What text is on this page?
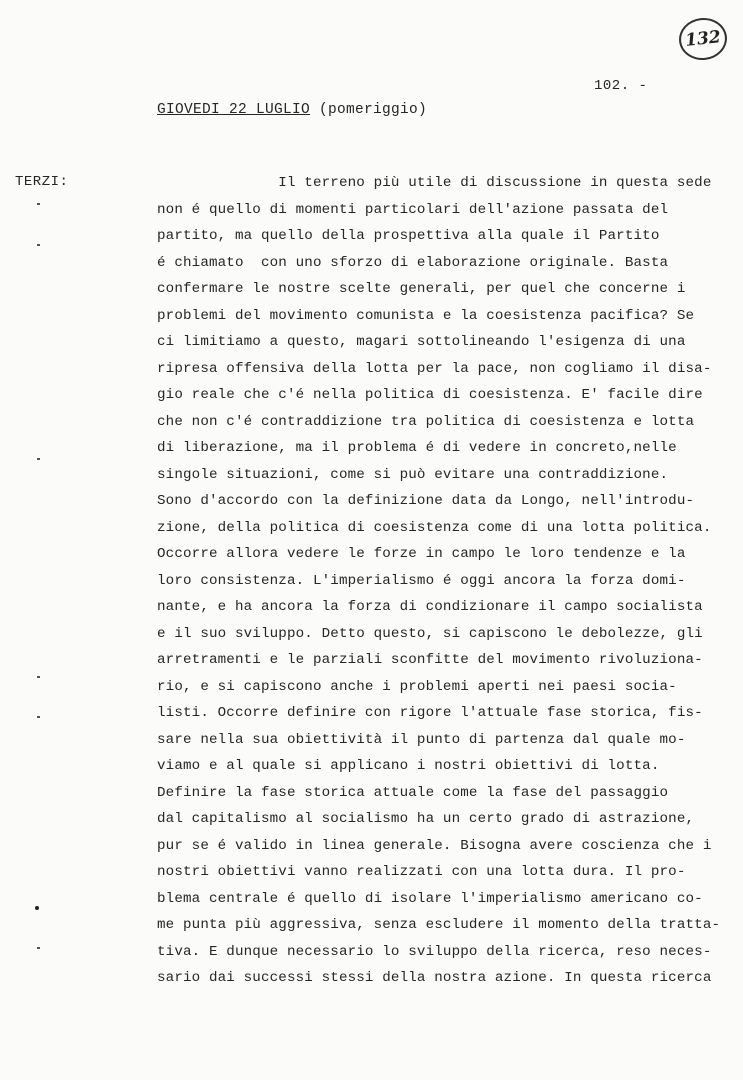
132
102. -
GIOVEDI 22 LUGLIO (pomeriggio)
TERZI:	Il terreno più utile di discussione in questa sede
non é quello di momenti particolari dell'azione passata del
partito, ma quello della prospettiva alla quale il Partito
é chiamato  con uno sforzo di elaborazione originale. Basta
confermare le nostre scelte generali, per quel che concerne i
problemi del movimento comunista e la coesistenza pacifica? Se
ci limitiamo a questo, magari sottolineando l'esigenza di una
ripresa offensiva della lotta per la pace, non cogliamo il disa-
gio reale che c'é nella politica di coesistenza. E' facile dire
che non c'é contraddizione tra politica di coesistenza e lotta
di liberazione, ma il problema é di vedere in concreto,nelle
singole situazioni, come si può evitare una contraddizione.
Sono d'accordo con la definizione data da Longo, nell'introdu-
zione, della politica di coesistenza come di una lotta politica.
Occorre allora vedere le forze in campo le loro tendenze e la
loro consistenza. L'imperialismo é oggi ancora la forza domi-
nante, e ha ancora la forza di condizionare il campo socialista
e il suo sviluppo. Detto questo, si capiscono le debolezze, gli
arretramenti e le parziali sconfitte del movimento rivoluziona-
rio, e si capiscono anche i problemi aperti nei paesi socia-
listi. Occorre definire con rigore l'attuale fase storica, fis-
sare nella sua obiettività il punto di partenza dal quale mo-
viamo e al quale si applicano i nostri obiettivi di lotta.
Definire la fase storica attuale come la fase del passaggio
dal capitalismo al socialismo ha un certo grado di astrazione,
pur se é valido in linea generale. Bisogna avere coscienza che i
nostri obiettivi vanno realizzati con una lotta dura. Il pro-
blema centrale é quello di isolare l'imperialismo americano co-
me punta più aggressiva, senza escludere il momento della tratta-
tiva. E dunque necessario lo sviluppo della ricerca, reso neces-
sario dai successi stessi della nostra azione. In questa ricerca
